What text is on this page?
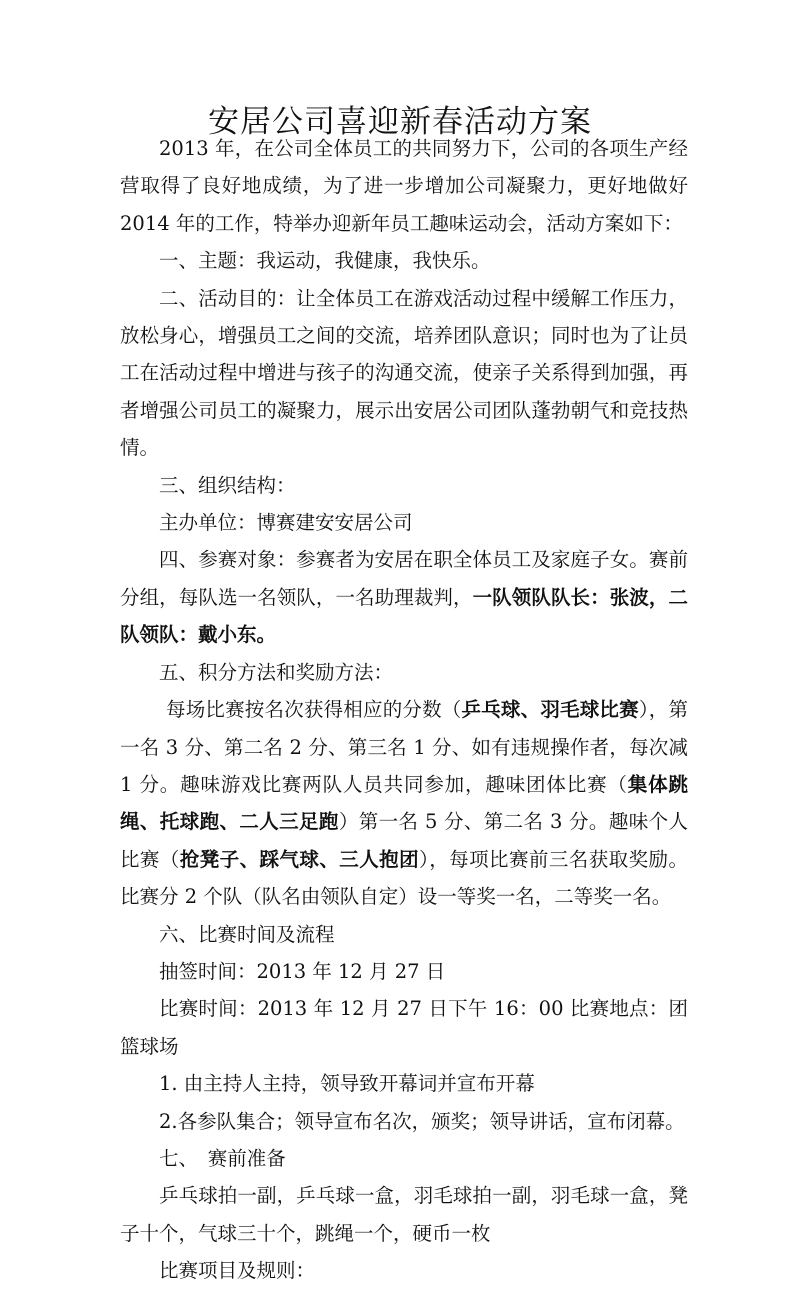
安居公司喜迎新春活动方案

2013 年，在公司全体员工的共同努力下，公司的各项生产经营取得了良好地成绩，为了进一步增加公司凝聚力，更好地做好 2014 年的工作，特举办迎新年员工趣味运动会，活动方案如下：

一、主题：我运动，我健康，我快乐。

二、活动目的：让全体员工在游戏活动过程中缓解工作压力，放松身心，增强员工之间的交流，培养团队意识；同时也为了让员工在活动过程中增进与孩子的沟通交流，使亲子关系得到加强，再者增强公司员工的凝聚力，展示出安居公司团队蓬勃朝气和竞技热情。

三、组织结构：

主办单位：博赛建安安居公司

四、参赛对象：参赛者为安居在职全体员工及家庭子女。赛前分组，每队选一名领队，一名助理裁判，一队领队队长：张波，二队领队：戴小东。

五、积分方法和奖励方法：

每场比赛按名次获得相应的分数（乒乓球、羽毛球比赛），第一名 3 分、第二名 2 分、第三名 1 分、如有违规操作者，每次减 1 分。趣味游戏比赛两队人员共同参加，趣味团体比赛（集体跳绳、托球跑、二人三足跑）第一名 5 分、第二名 3 分。趣味个人比赛（抢凳子、踩气球、三人抱团），每项比赛前三名获取奖励。比赛分 2 个队（队名由领队自定）设一等奖一名，二等奖一名。

六、比赛时间及流程

抽签时间：2013 年 12 月 27 日

比赛时间：2013 年 12 月 27 日下午 16：00 比赛地点：团篮球场

1. 由主持人主持，领导致开幕词并宣布开幕

2.各参队集合；领导宣布名次，颁奖；领导讲话，宣布闭幕。

七、　赛前准备

乒乓球拍一副，乒乓球一盒，羽毛球拍一副，羽毛球一盒，凳子十个，气球三十个，跳绳一个，硬币一枚

比赛项目及规则：
